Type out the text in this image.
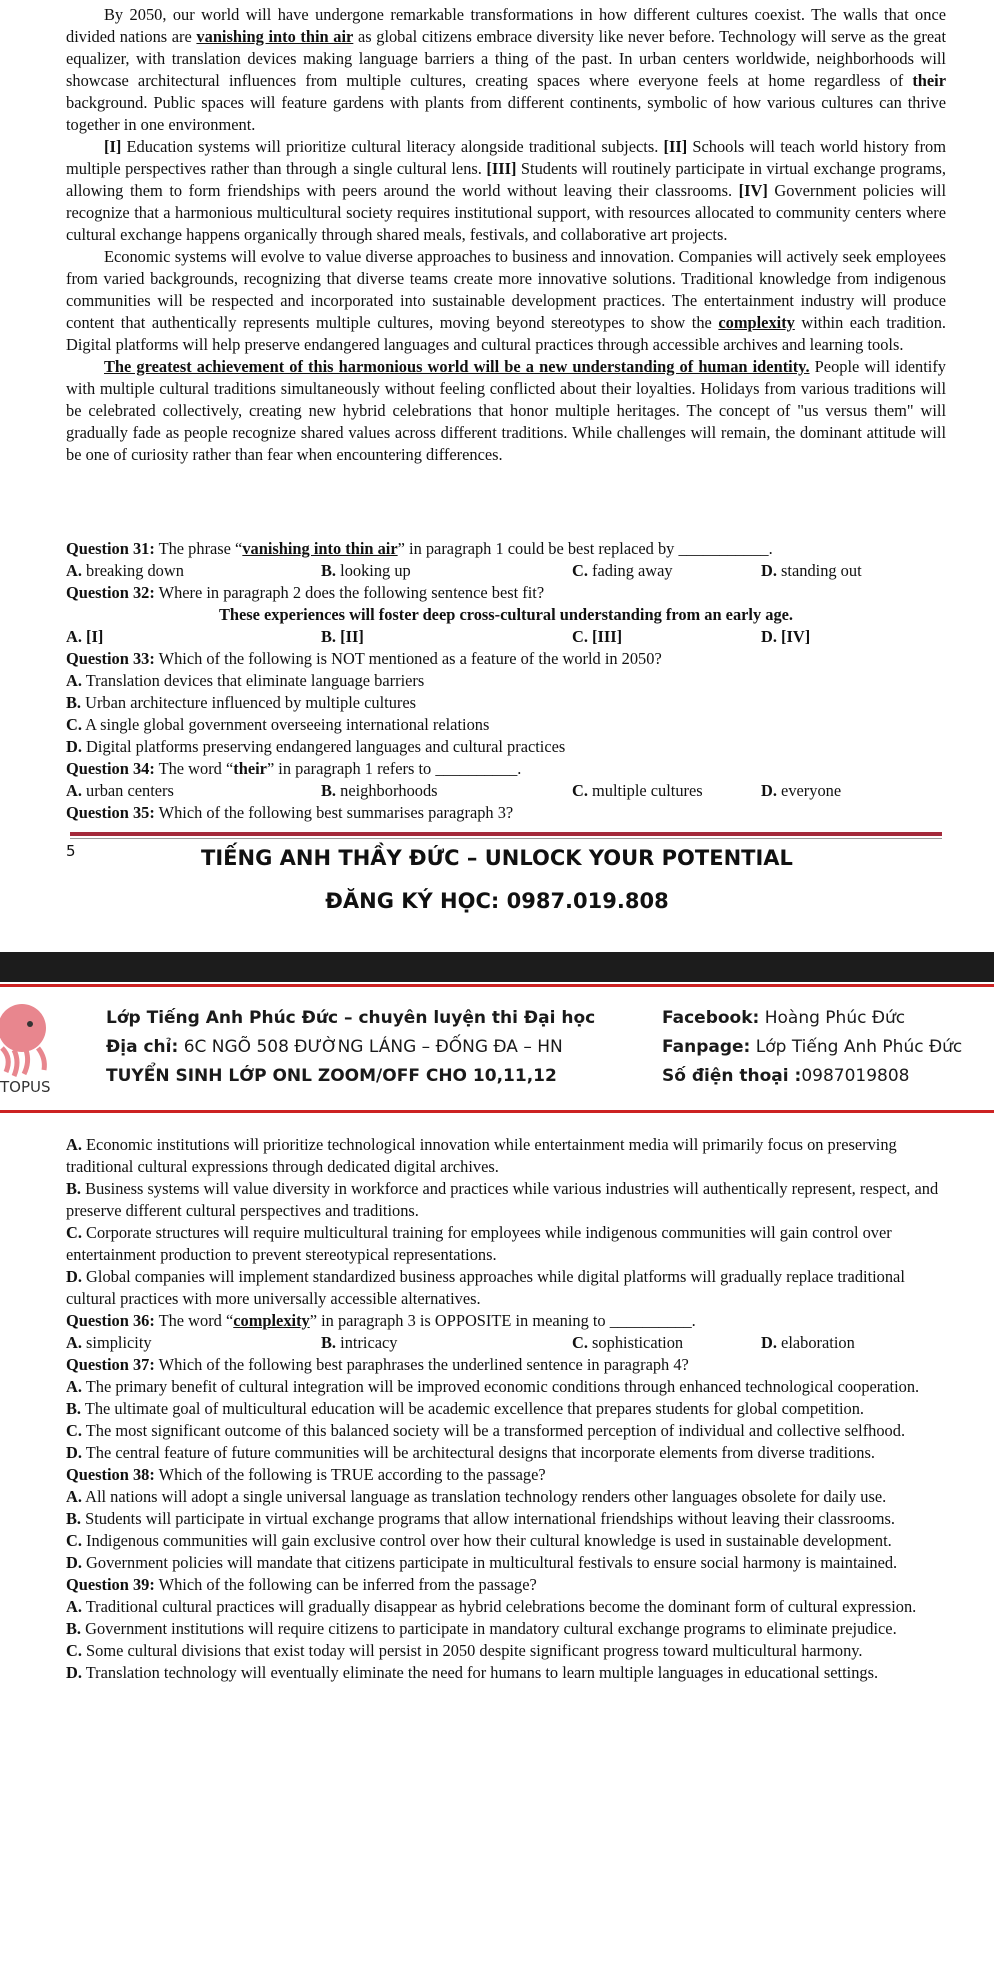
By 2050, our world will have undergone remarkable transformations in how different cultures coexist. The walls that once divided nations are vanishing into thin air as global citizens embrace diversity like never before. Technology will serve as the great equalizer, with translation devices making language barriers a thing of the past. In urban centers worldwide, neighborhoods will showcase architectural influences from multiple cultures, creating spaces where everyone feels at home regardless of their background. Public spaces will feature gardens with plants from different continents, symbolic of how various cultures can thrive together in one environment.

[I] Education systems will prioritize cultural literacy alongside traditional subjects. [II] Schools will teach world history from multiple perspectives rather than through a single cultural lens. [III] Students will routinely participate in virtual exchange programs, allowing them to form friendships with peers around the world without leaving their classrooms. [IV] Government policies will recognize that a harmonious multicultural society requires institutional support, with resources allocated to community centers where cultural exchange happens organically through shared meals, festivals, and collaborative art projects.

Economic systems will evolve to value diverse approaches to business and innovation. Companies will actively seek employees from varied backgrounds, recognizing that diverse teams create more innovative solutions. Traditional knowledge from indigenous communities will be respected and incorporated into sustainable development practices. The entertainment industry will produce content that authentically represents multiple cultures, moving beyond stereotypes to show the complexity within each tradition. Digital platforms will help preserve endangered languages and cultural practices through accessible archives and learning tools.

The greatest achievement of this harmonious world will be a new understanding of human identity. People will identify with multiple cultural traditions simultaneously without feeling conflicted about their loyalties. Holidays from various traditions will be celebrated collectively, creating new hybrid celebrations that honor multiple heritages. The concept of "us versus them" will gradually fade as people recognize shared values across different traditions. While challenges will remain, the dominant attitude will be one of curiosity rather than fear when encountering differences.

Question 31: The phrase “vanishing into thin air” in paragraph 1 could be best replaced by ___________.

A. breaking down	B. looking up	C. fading away	D. standing out

Question 32: Where in paragraph 2 does the following sentence best fit?

These experiences will foster deep cross-cultural understanding from an early age.

A. [I]	B. [II]	C. [III]	D. [IV]

Question 33: Which of the following is NOT mentioned as a feature of the world in 2050?

A. Translation devices that eliminate language barriers

B. Urban architecture influenced by multiple cultures

C. A single global government overseeing international relations

D. Digital platforms preserving endangered languages and cultural practices

Question 34: The word “their” in paragraph 1 refers to __________.

A. urban centers	B. neighborhoods	C. multiple cultures	D. everyone

Question 35: Which of the following best summarises paragraph 3?

5	TIẾNG ANH THẦY ĐỨC – UNLOCK YOUR POTENTIAL
ĐĂNG KÝ HỌC: 0987.019.808
TOPUS
Lớp Tiếng Anh Phúc Đức – chuyên luyện thi Đại học
Địa chỉ: 6C NGÕ 508 ĐƯỜNG LÁNG – ĐỐNG ĐA – HN
TUYỂN SINH LỚP ONL ZOOM/OFF CHO 10,11,12
Facebook: Hoàng Phúc Đức
Fanpage: Lớp Tiếng Anh Phúc Đức
Số điện thoại :0987019808

A. Economic institutions will prioritize technological innovation while entertainment media will primarily focus on preserving traditional cultural expressions through dedicated digital archives.

B. Business systems will value diversity in workforce and practices while various industries will authentically represent, respect, and preserve different cultural perspectives and traditions.

C. Corporate structures will require multicultural training for employees while indigenous communities will gain control over entertainment production to prevent stereotypical representations.

D. Global companies will implement standardized business approaches while digital platforms will gradually replace traditional cultural practices with more universally accessible alternatives.

Question 36: The word “complexity” in paragraph 3 is OPPOSITE in meaning to __________.

A. simplicity	B. intricacy	C. sophistication	D. elaboration

Question 37: Which of the following best paraphrases the underlined sentence in paragraph 4?

A. The primary benefit of cultural integration will be improved economic conditions through enhanced technological cooperation.

B. The ultimate goal of multicultural education will be academic excellence that prepares students for global competition.

C. The most significant outcome of this balanced society will be a transformed perception of individual and collective selfhood.

D. The central feature of future communities will be architectural designs that incorporate elements from diverse traditions.

Question 38: Which of the following is TRUE according to the passage?

A. All nations will adopt a single universal language as translation technology renders other languages obsolete for daily use.

B. Students will participate in virtual exchange programs that allow international friendships without leaving their classrooms.

C. Indigenous communities will gain exclusive control over how their cultural knowledge is used in sustainable development.

D. Government policies will mandate that citizens participate in multicultural festivals to ensure social harmony is maintained.

Question 39: Which of the following can be inferred from the passage?

A. Traditional cultural practices will gradually disappear as hybrid celebrations become the dominant form of cultural expression.

B. Government institutions will require citizens to participate in mandatory cultural exchange programs to eliminate prejudice.

C. Some cultural divisions that exist today will persist in 2050 despite significant progress toward multicultural harmony.

D. Translation technology will eventually eliminate the need for humans to learn multiple languages in educational settings.
